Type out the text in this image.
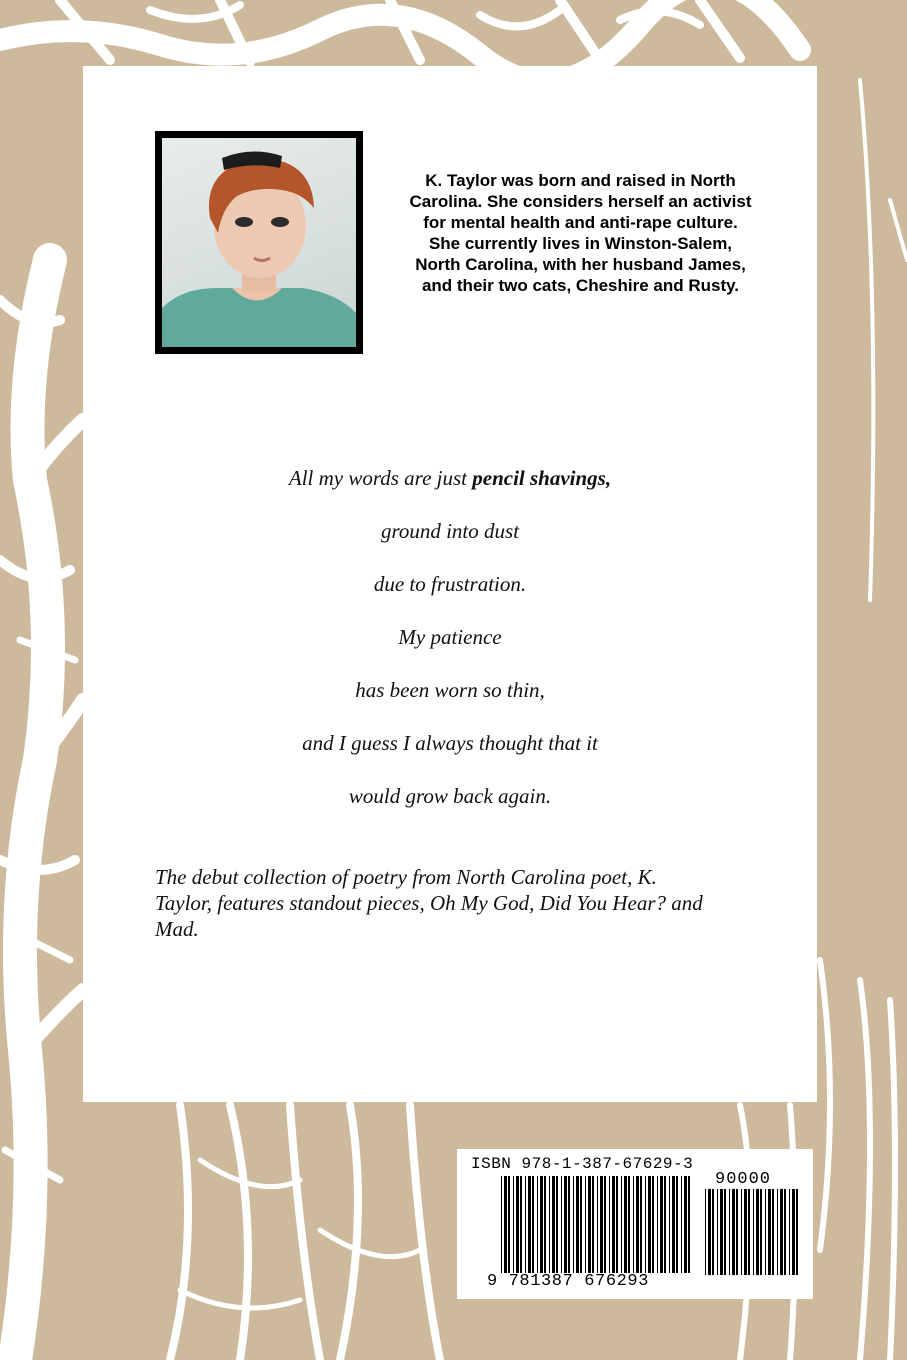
K. Taylor was born and raised in North Carolina. She considers herself an activist for mental health and anti-rape culture. She currently lives in Winston-Salem, North Carolina, with her husband James, and their two cats, Cheshire and Rusty.
All my words are just pencil shavings,
ground into dust
due to frustration.
My patience
has been worn so thin,
and I guess I always thought that it
would grow back again.
The debut collection of poetry from North Carolina poet, K. Taylor, features standout pieces, Oh My God, Did You Hear? and Mad.
ISBN 978-1-387-67629-3
90000
9 781387 676293
